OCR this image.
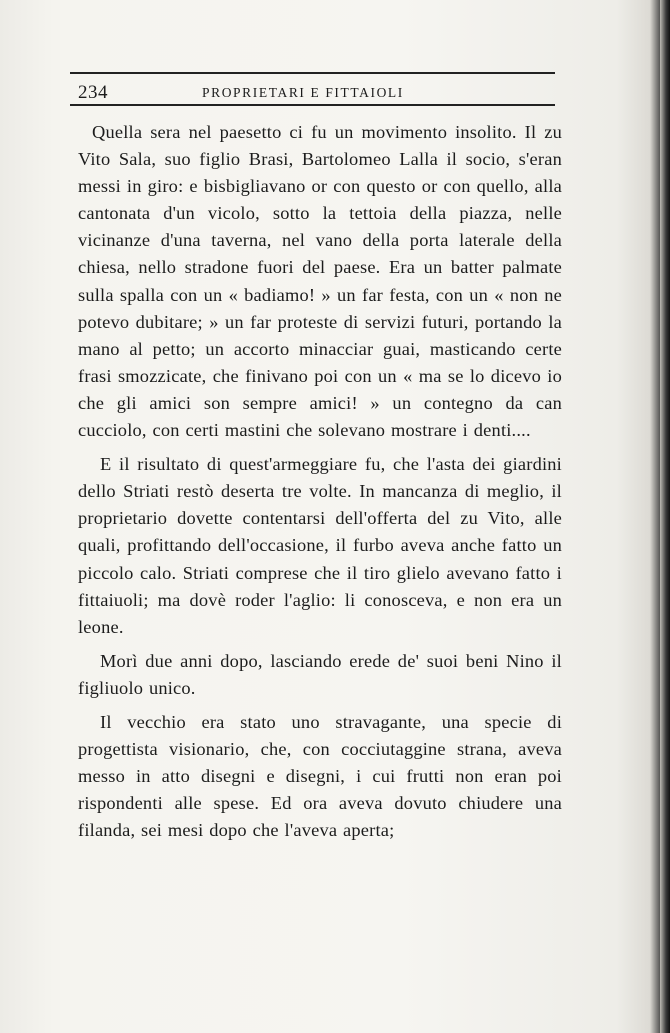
234	PROPRIETARI E FITTAIOLI

Quella sera nel paesetto ci fu un movimento insolito. Il zu Vito Sala, suo figlio Brasi, Bartolomeo Lalla il socio, s'eran messi in giro: e bisbigliavano or con questo or con quello, alla cantonata d'un vicolo, sotto la tettoia della piazza, nelle vicinanze d'una taverna, nel vano della porta laterale della chiesa, nello stradone fuori del paese. Era un batter palmate sulla spalla con un « badiamo! » un far festa, con un « non ne potevo dubitare; » un far proteste di servizi futuri, portando la mano al petto; un accorto minacciar guai, masticando certe frasi smozzicate, che finivano poi con un « ma se lo dicevo io che gli amici son sempre amici! » un contegno da can cucciolo, con certi mastini che solevano mostrare i denti....

E il risultato di quest'armeggiare fu, che l'asta dei giardini dello Striati restò deserta tre volte. In mancanza di meglio, il proprietario dovette contentarsi dell'offerta del zu Vito, alle quali, profittando dell'occasione, il furbo aveva anche fatto un piccolo calo. Striati comprese che il tiro glielo avevano fatto i fittaiuoli; ma dovè roder l'aglio: li conosceva, e non era un leone.

Morì due anni dopo, lasciando erede de' suoi beni Nino il figliuolo unico.

Il vecchio era stato uno stravagante, una specie di progettista visionario, che, con cocciutaggine strana, aveva messo in atto disegni e disegni, i cui frutti non eran poi rispondenti alle spese. Ed ora aveva dovuto chiudere una filanda, sei mesi dopo che l'aveva aperta;
